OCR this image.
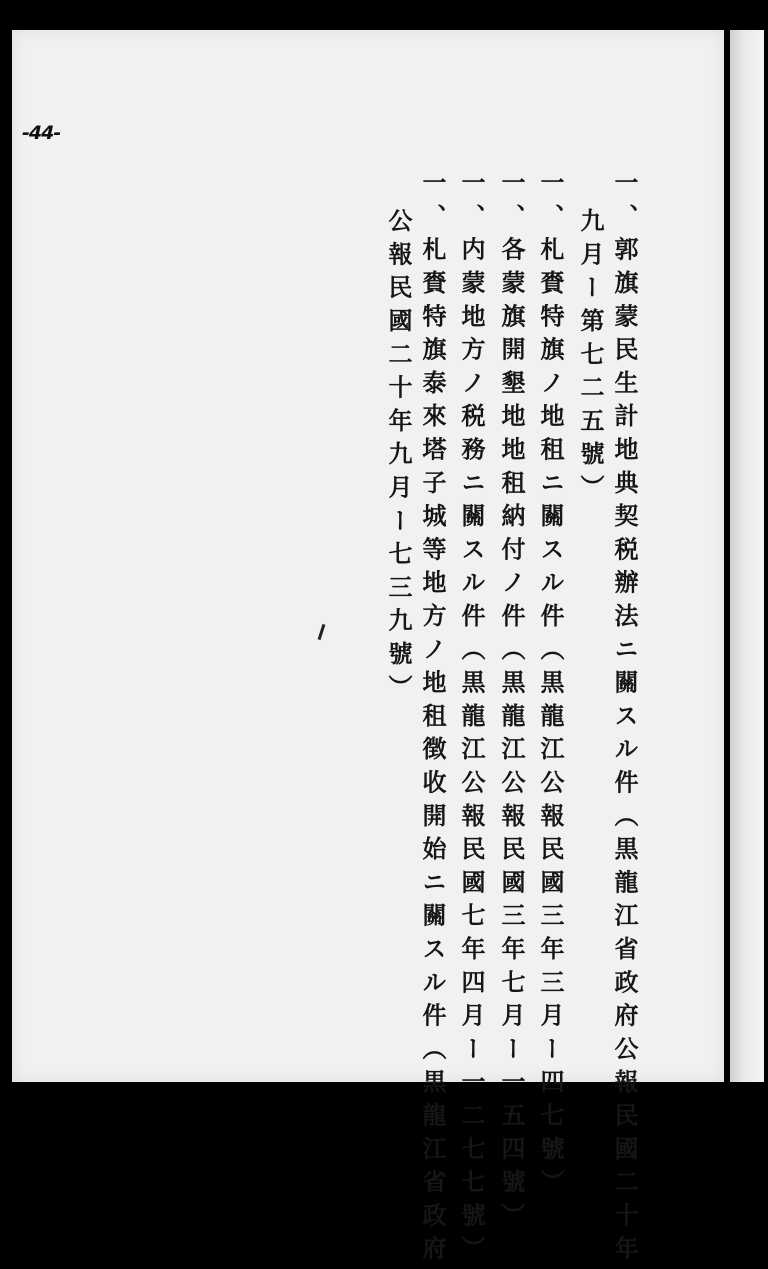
-44-
一、郭旗蒙民生計地典契税辦法ニ關スル件（黒龍江省政府公報民國二十年
九月ー第七二五號）
一、札賚特旗ノ地租ニ關スル件（黒龍江公報民國三年三月ー四七號）
一、各蒙旗開墾地地租納付ノ件（黒龍江公報民國三年七月ー一五四號）
一、内蒙地方ノ税務ニ關スル件（黒龍江公報民國七年四月ー一二七七號）
一、札賚特旗泰來塔子城等地方ノ地租徴收開始ニ關スル件（黒龍江省政府
公報民國二十年九月ー七三九號）
